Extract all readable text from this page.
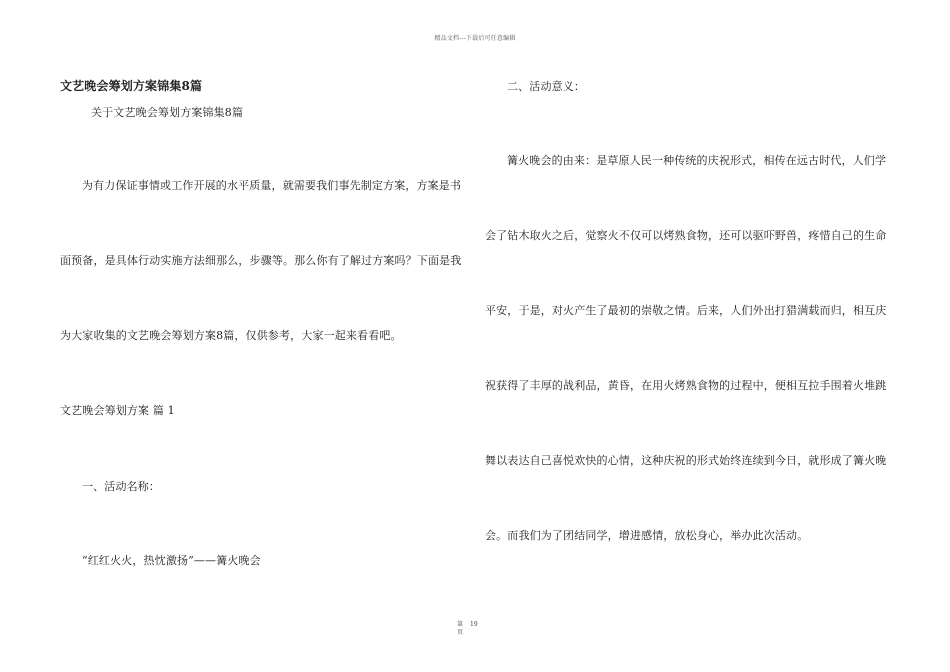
精品文档---下载后可任意编辑
文艺晚会筹划方案锦集8篇
关于文艺晚会筹划方案锦集8篇
为有力保证事情或工作开展的水平质量，就需要我们事先制定方案，方案是书
面预备，是具体行动实施方法细那么，步骤等。那么你有了解过方案吗？下面是我
为大家收集的文艺晚会筹划方案8篇，仅供参考，大家一起来看看吧。
文艺晚会筹划方案 篇 1
一、活动名称：
“红红火火，热忱激扬”——篝火晚会
二、活动意义：
篝火晚会的由来：是草原人民一种传统的庆祝形式，相传在远古时代，人们学
会了钻木取火之后，觉察火不仅可以烤熟食物，还可以驱吓野兽，疼惜自己的生命
平安，于是，对火产生了最初的崇敬之情。后来，人们外出打猎满载而归，相互庆
祝获得了丰厚的战利品，黄昏，在用火烤熟食物的过程中，便相互拉手围着火堆跳
舞以表达自己喜悦欢快的心情，这种庆祝的形式始终连续到今日，就形成了篝火晚
会。而我们为了团结同学，增进感情，放松身心，举办此次活动。
第
页
19
